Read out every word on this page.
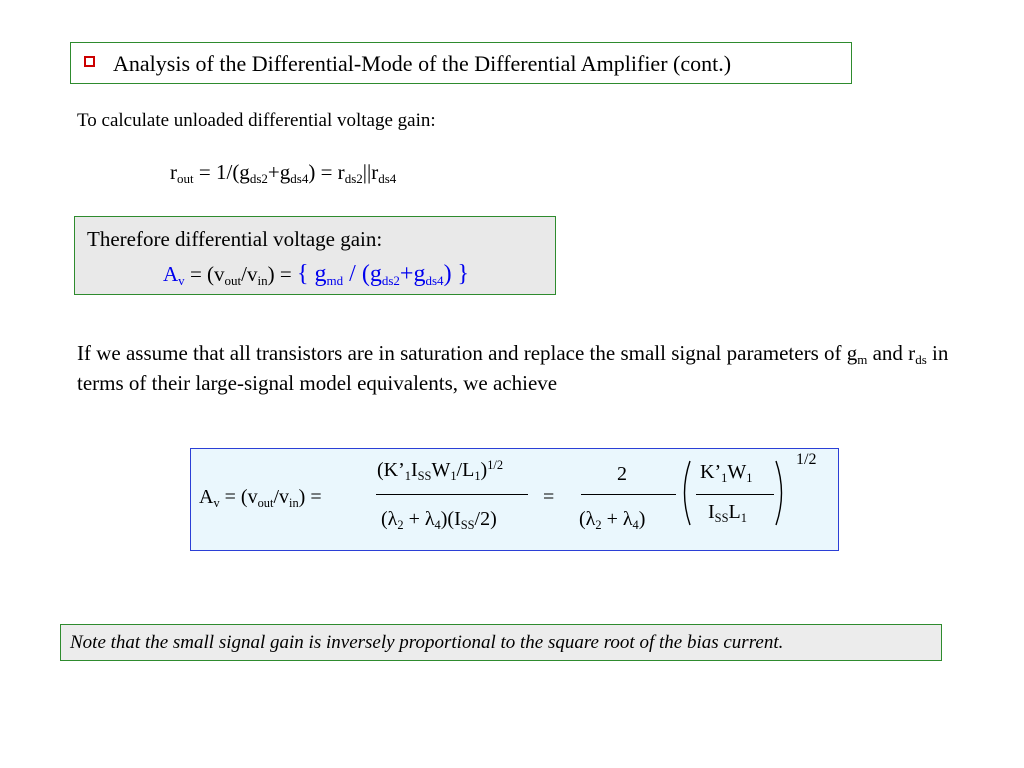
Analysis of the Differential-Mode of the Differential Amplifier (cont.)
To calculate unloaded differential voltage gain:
$r_{out} = 1/(g_{ds2}+g_{ds4}) = r_{ds2}||r_{ds4}$
Therefore differential voltage gain:
$A_v = (v_{out}/v_{in})$ = { $g_{md} / (g_{ds2}+g_{ds4})$ }
If we assume that all transistors are in saturation and replace the small signal parameters of $g_m$ and $r_{ds}$ in terms of their large-signal model equivalents, we achieve
$A_v = (v_{out}/v_{in})$ =
$(K’_1I_{SS}W_1/L_1)^{1/2}$
$(\lambda_2 + \lambda_4)(I_{SS}/2)$
=
2
$(\lambda_2 + \lambda_4)$
$K’_1W_1$
$I_{SS}L_1$
1/2
Note that the small signal gain is inversely proportional to the square root of the bias current.
